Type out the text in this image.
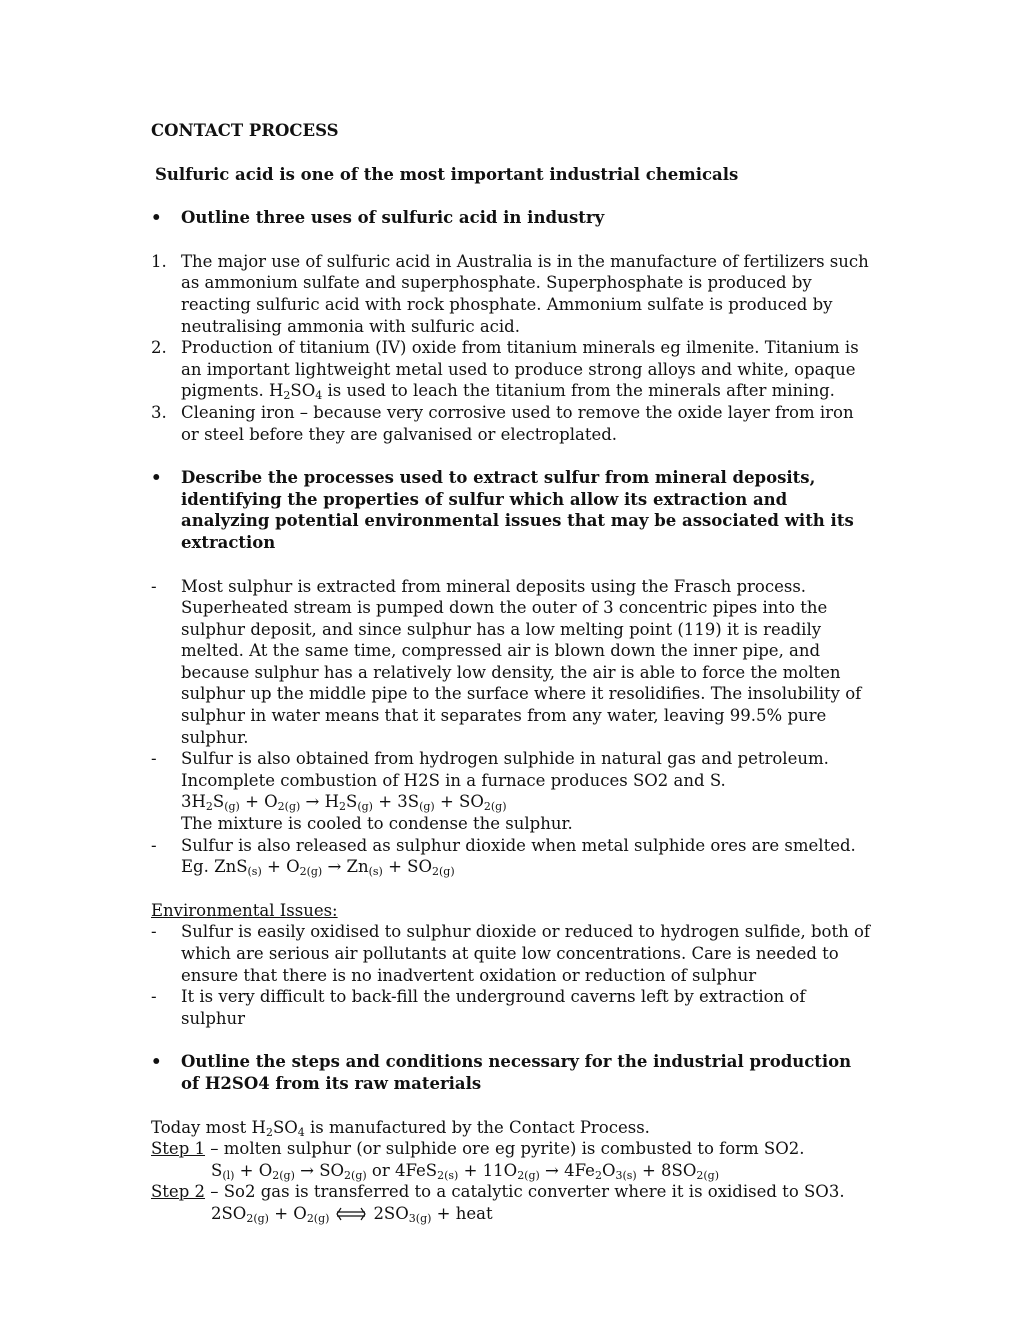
CONTACT PROCESS
Sulfuric acid is one of the most important industrial chemicals
• Outline three uses of sulfuric acid in industry
1. The major use of sulfuric acid in Australia is in the manufacture of fertilizers such as ammonium sulfate and superphosphate. Superphosphate is produced by reacting sulfuric acid with rock phosphate. Ammonium sulfate is produced by neutralising ammonia with sulfuric acid.
2. Production of titanium (IV) oxide from titanium minerals eg ilmenite. Titanium is an important lightweight metal used to produce strong alloys and white, opaque pigments. $H_2SO_4$ is used to leach the titanium from the minerals after mining.
3. Cleaning iron – because very corrosive used to remove the oxide layer from iron or steel before they are galvanised or electroplated.
• Describe the processes used to extract sulfur from mineral deposits, identifying the properties of sulfur which allow its extraction and analyzing potential environmental issues that may be associated with its extraction
- Most sulphur is extracted from mineral deposits using the Frasch process. Superheated stream is pumped down the outer of 3 concentric pipes into the sulphur deposit, and since sulphur has a low melting point (119) it is readily melted. At the same time, compressed air is blown down the inner pipe, and because sulphur has a relatively low density, the air is able to force the molten sulphur up the middle pipe to the surface where it resolidifies. The insolubility of sulphur in water means that it separates from any water, leaving 99.5% pure sulphur.
- Sulfur is also obtained from hydrogen sulphide in natural gas and petroleum. Incomplete combustion of H2S in a furnace produces SO2 and S.
$3H_2S_{(g)} + O_{2(g)} \to H_2S_{(g)} + 3S_{(g)} + SO_{2(g)}$
The mixture is cooled to condense the sulphur.
- Sulfur is also released as sulphur dioxide when metal sulphide ores are smelted.
Eg. $ZnS_{(s)} + O_{2(g)} \to Zn_{(s)} + SO_{2(g)}$
Environmental Issues:
- Sulfur is easily oxidised to sulphur dioxide or reduced to hydrogen sulfide, both of which are serious air pollutants at quite low concentrations. Care is needed to ensure that there is no inadvertent oxidation or reduction of sulphur
- It is very difficult to back-fill the underground caverns left by extraction of sulphur
• Outline the steps and conditions necessary for the industrial production of H2SO4 from its raw materials
Today most $H_2SO_4$ is manufactured by the Contact Process.
Step 1 – molten sulphur (or sulphide ore eg pyrite) is combusted to form SO2.
$S_{(l)} + O_{2(g)} \to SO_{2(g)}$ or $4FeS_{2(s)} + 11O_{2(g)} \to 4Fe_2O_{3(s)} + 8SO_{2(g)}$
Step 2 – So2 gas is transferred to a catalytic converter where it is oxidised to SO3.
$2SO_{2(g)} + O_{2(g)}$ ⇌ $2SO_{3(g)}$ + heat
